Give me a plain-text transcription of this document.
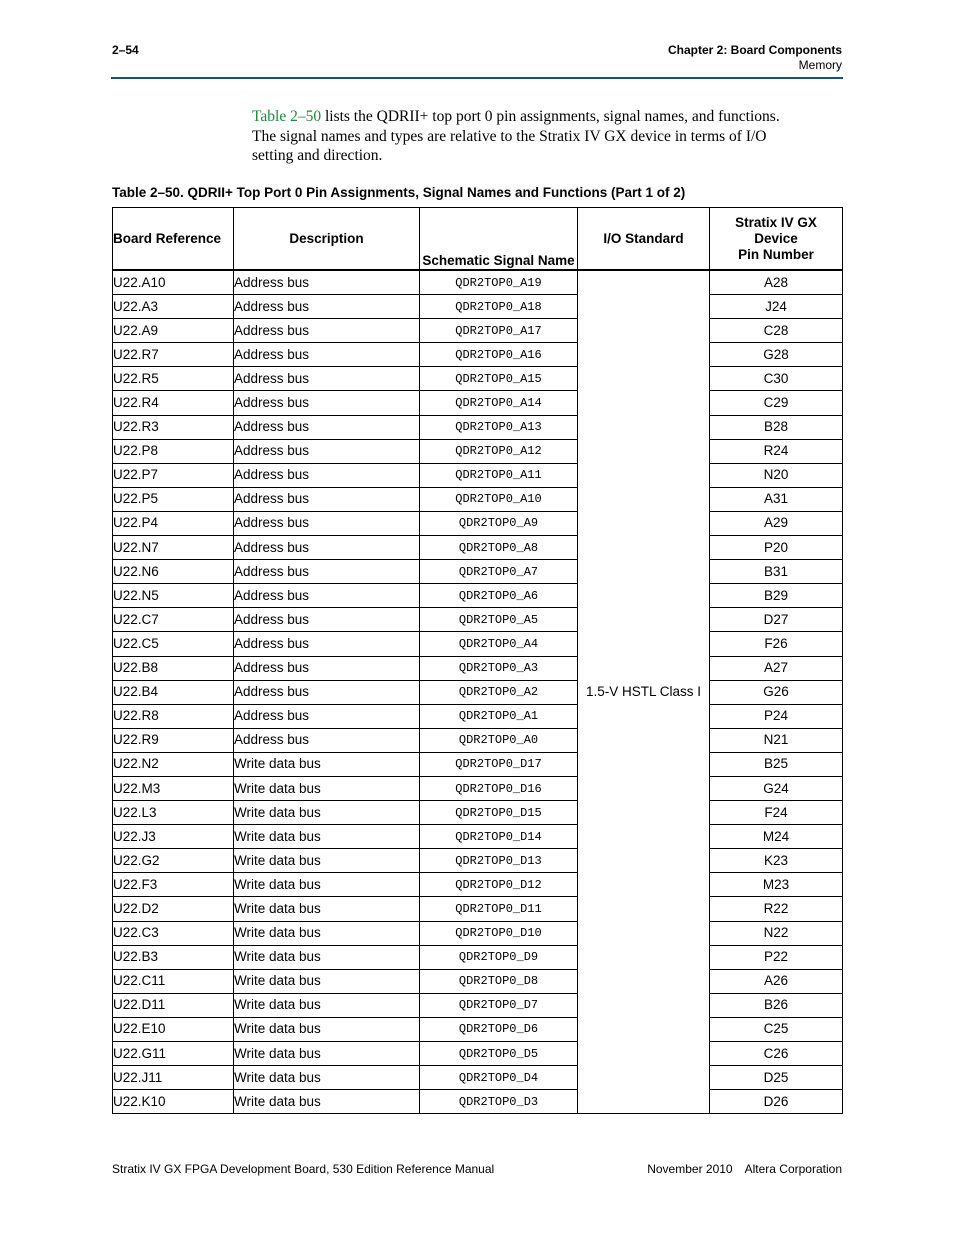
2–54	Chapter 2: Board Components
Memory
Table 2–50 lists the QDRII+ top port 0 pin assignments, signal names, and functions.
The signal names and types are relative to the Stratix IV GX device in terms of I/O
setting and direction.
Table 2–50. QDRII+ Top Port 0 Pin Assignments, Signal Names and Functions (Part 1 of 2)
Board Reference	Description	Schematic Signal Name	I/O Standard	Stratix IV GX
Device
Pin Number

U22.A10	Address bus	QDR2TOP0_A19	1.5-V HSTL Class I	A28
U22.A3	Address bus	QDR2TOP0_A18		J24
U22.A9	Address bus	QDR2TOP0_A17		C28
U22.R7	Address bus	QDR2TOP0_A16		G28
U22.R5	Address bus	QDR2TOP0_A15		C30
U22.R4	Address bus	QDR2TOP0_A14		C29
U22.R3	Address bus	QDR2TOP0_A13		B28
U22.P8	Address bus	QDR2TOP0_A12		R24
U22.P7	Address bus	QDR2TOP0_A11		N20
U22.P5	Address bus	QDR2TOP0_A10		A31
U22.P4	Address bus	QDR2TOP0_A9		A29
U22.N7	Address bus	QDR2TOP0_A8		P20
U22.N6	Address bus	QDR2TOP0_A7		B31
U22.N5	Address bus	QDR2TOP0_A6		B29
U22.C7	Address bus	QDR2TOP0_A5		D27
U22.C5	Address bus	QDR2TOP0_A4		F26
U22.B8	Address bus	QDR2TOP0_A3		A27
U22.B4	Address bus	QDR2TOP0_A2		G26
U22.R8	Address bus	QDR2TOP0_A1		P24
U22.R9	Address bus	QDR2TOP0_A0		N21
U22.N2	Write data bus	QDR2TOP0_D17		B25
U22.M3	Write data bus	QDR2TOP0_D16		G24
U22.L3	Write data bus	QDR2TOP0_D15		F24
U22.J3	Write data bus	QDR2TOP0_D14		M24
U22.G2	Write data bus	QDR2TOP0_D13		K23
U22.F3	Write data bus	QDR2TOP0_D12		M23
U22.D2	Write data bus	QDR2TOP0_D11		R22
U22.C3	Write data bus	QDR2TOP0_D10		N22
U22.B3	Write data bus	QDR2TOP0_D9		P22
U22.C11	Write data bus	QDR2TOP0_D8		A26
U22.D11	Write data bus	QDR2TOP0_D7		B26
U22.E10	Write data bus	QDR2TOP0_D6		C25
U22.G11	Write data bus	QDR2TOP0_D5		C26
U22.J11	Write data bus	QDR2TOP0_D4		D25
U22.K10	Write data bus	QDR2TOP0_D3		D26
Stratix IV GX FPGA Development Board, 530 Edition Reference Manual	November 2010 Altera Corporation
